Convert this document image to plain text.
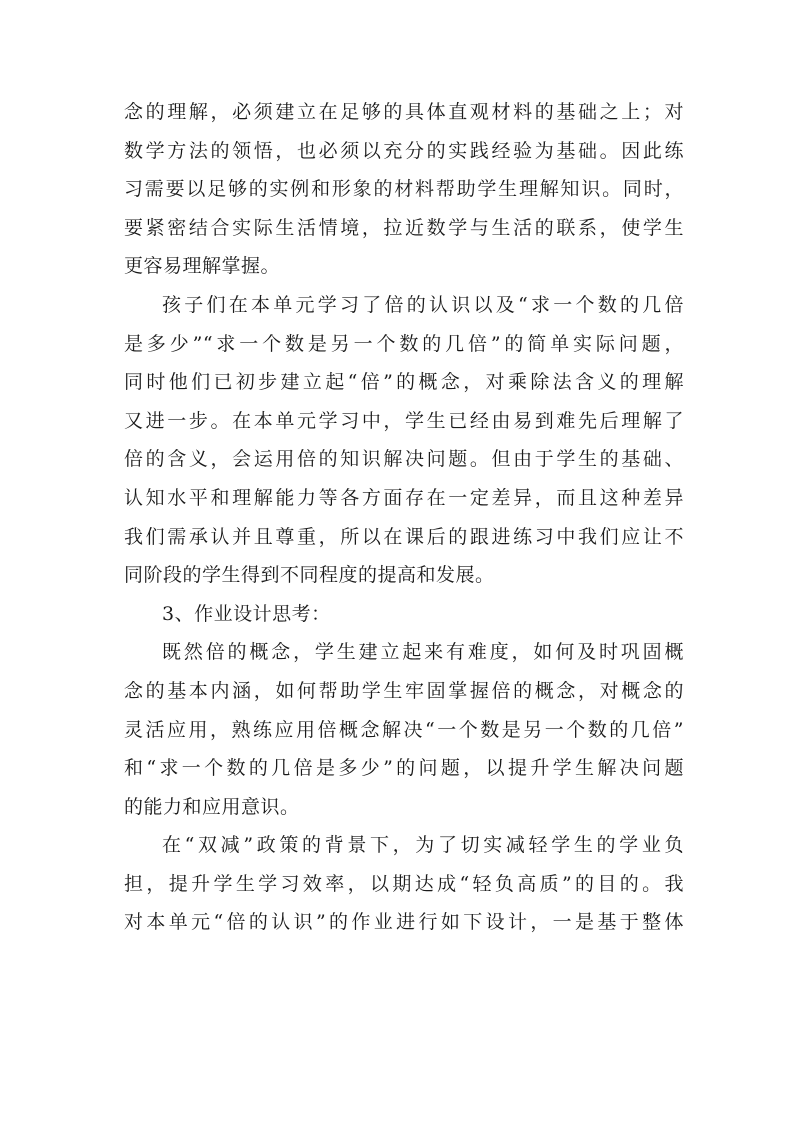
念的理解，必须建立在足够的具体直观材料的基础之上；对
数学方法的领悟，也必须以充分的实践经验为基础。因此练
习需要以足够的实例和形象的材料帮助学生理解知识。同时，
要紧密结合实际生活情境，拉近数学与生活的联系，使学生
更容易理解掌握。
孩子们在本单元学习了倍的认识以及“求一个数的几倍
是多少”“求一个数是另一个数的几倍”的简单实际问题，
同时他们已初步建立起“倍”的概念，对乘除法含义的理解
又进一步。在本单元学习中，学生已经由易到难先后理解了
倍的含义，会运用倍的知识解决问题。但由于学生的基础、
认知水平和理解能力等各方面存在一定差异，而且这种差异
我们需承认并且尊重，所以在课后的跟进练习中我们应让不
同阶段的学生得到不同程度的提高和发展。
3、作业设计思考：
既然倍的概念，学生建立起来有难度，如何及时巩固概
念的基本内涵，如何帮助学生牢固掌握倍的概念，对概念的
灵活应用，熟练应用倍概念解决“一个数是另一个数的几倍”
和“求一个数的几倍是多少”的问题，以提升学生解决问题
的能力和应用意识。
在“双减”政策的背景下，为了切实减轻学生的学业负
担，提升学生学习效率，以期达成“轻负高质”的目的。我
对本单元“倍的认识”的作业进行如下设计，一是基于整体
